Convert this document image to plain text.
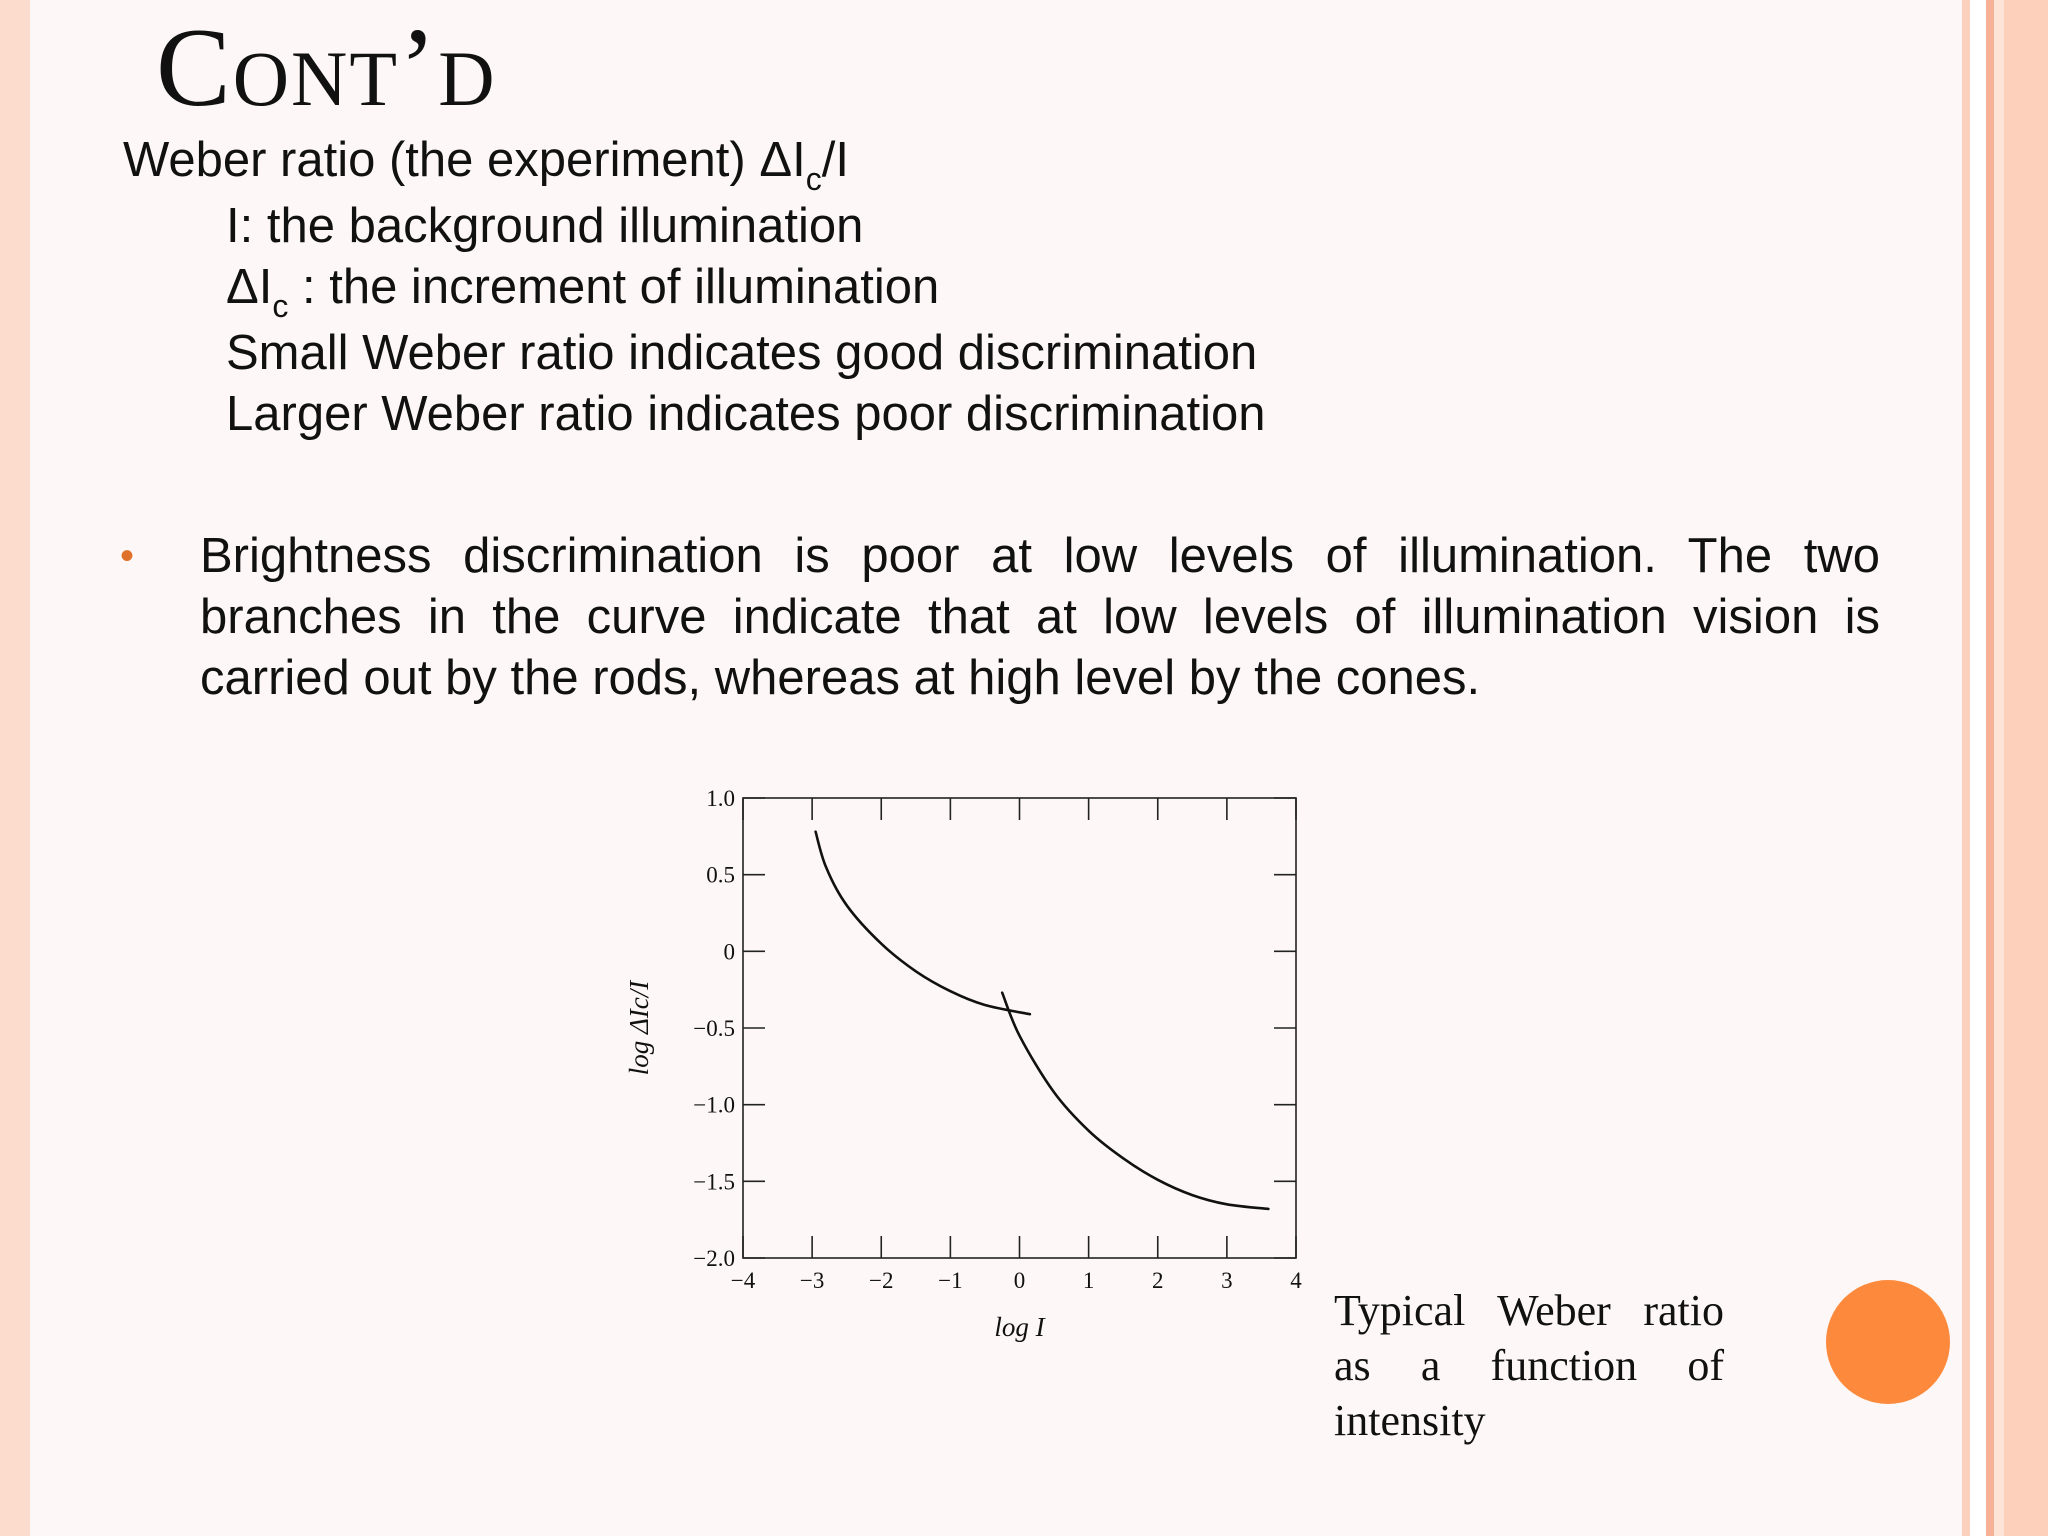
Cont’d
Weber ratio (the experiment) $\Delta I_c/I$
I: the background illumination
$\Delta I_c$ : the increment of illumination
Small Weber ratio indicates good discrimination
Larger Weber ratio indicates poor discrimination
• Brightness discrimination is poor at low levels of illumination. The two branches in the curve indicate that at low levels of illumination vision is carried out by the rods, whereas at high level by the cones.
−4 −3 −2 −1 0	1	2	3	4
1.0
0.5
0
−0.5
−1.0
−1.5
−2.0
log I
log ΔIc/I
Typical Weber ratio as a function of intensity
